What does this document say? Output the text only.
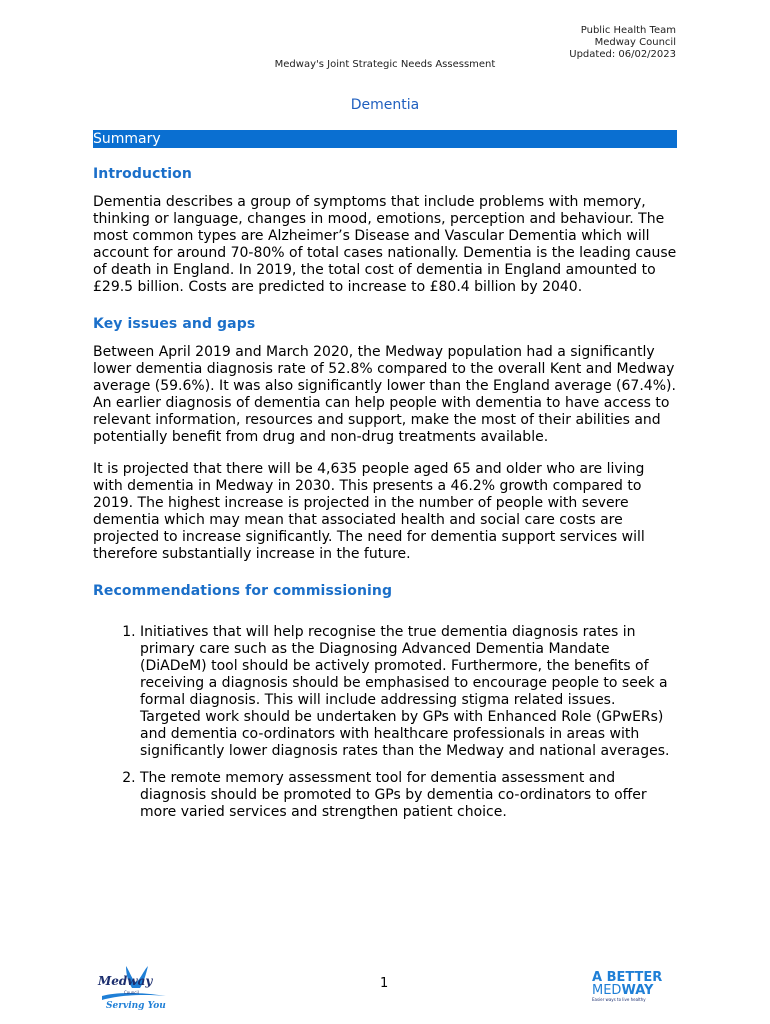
Public Health Team
Medway Council
Updated: 06/02/2023
Medway's Joint Strategic Needs Assessment
Dementia
Summary
Introduction

Dementia describes a group of symptoms that include problems with memory, thinking or language, changes in mood, emotions, perception and behaviour. The most common types are Alzheimer’s Disease and Vascular Dementia which will account for around 70-80% of total cases nationally. Dementia is the leading cause of death in England. In 2019, the total cost of dementia in England amounted to £29.5 billion. Costs are predicted to increase to £80.4 billion by 2040.

Key issues and gaps

Between April 2019 and March 2020, the Medway population had a significantly lower dementia diagnosis rate of 52.8% compared to the overall Kent and Medway average (59.6%). It was also significantly lower than the England average (67.4%). An earlier diagnosis of dementia can help people with dementia to have access to relevant information, resources and support, make the most of their abilities and potentially benefit from drug and non-drug treatments available.

It is projected that there will be 4,635 people aged 65 and older who are living with dementia in Medway in 2030. This presents a 46.2% growth compared to 2019. The highest increase is projected in the number of people with severe dementia which may mean that associated health and social care costs are projected to increase significantly. The need for dementia support services will therefore substantially increase in the future.

Recommendations for commissioning
1. Initiatives that will help recognise the true dementia diagnosis rates in primary care such as the Diagnosing Advanced Dementia Mandate (DiADeM) tool should be actively promoted. Furthermore, the benefits of receiving a diagnosis should be emphasised to encourage people to seek a formal diagnosis. This will include addressing stigma related issues. Targeted work should be undertaken by GPs with Enhanced Role (GPwERs) and dementia co-ordinators with healthcare professionals in areas with significantly lower diagnosis rates than the Medway and national averages.
2. The remote memory assessment tool for dementia assessment and diagnosis should be promoted to GPs by dementia co-ordinators to offer more varied services and strengthen patient choice.
Medway
Council
Serving You
1	A BETTER
MEDWAY
Easier ways to live healthy
